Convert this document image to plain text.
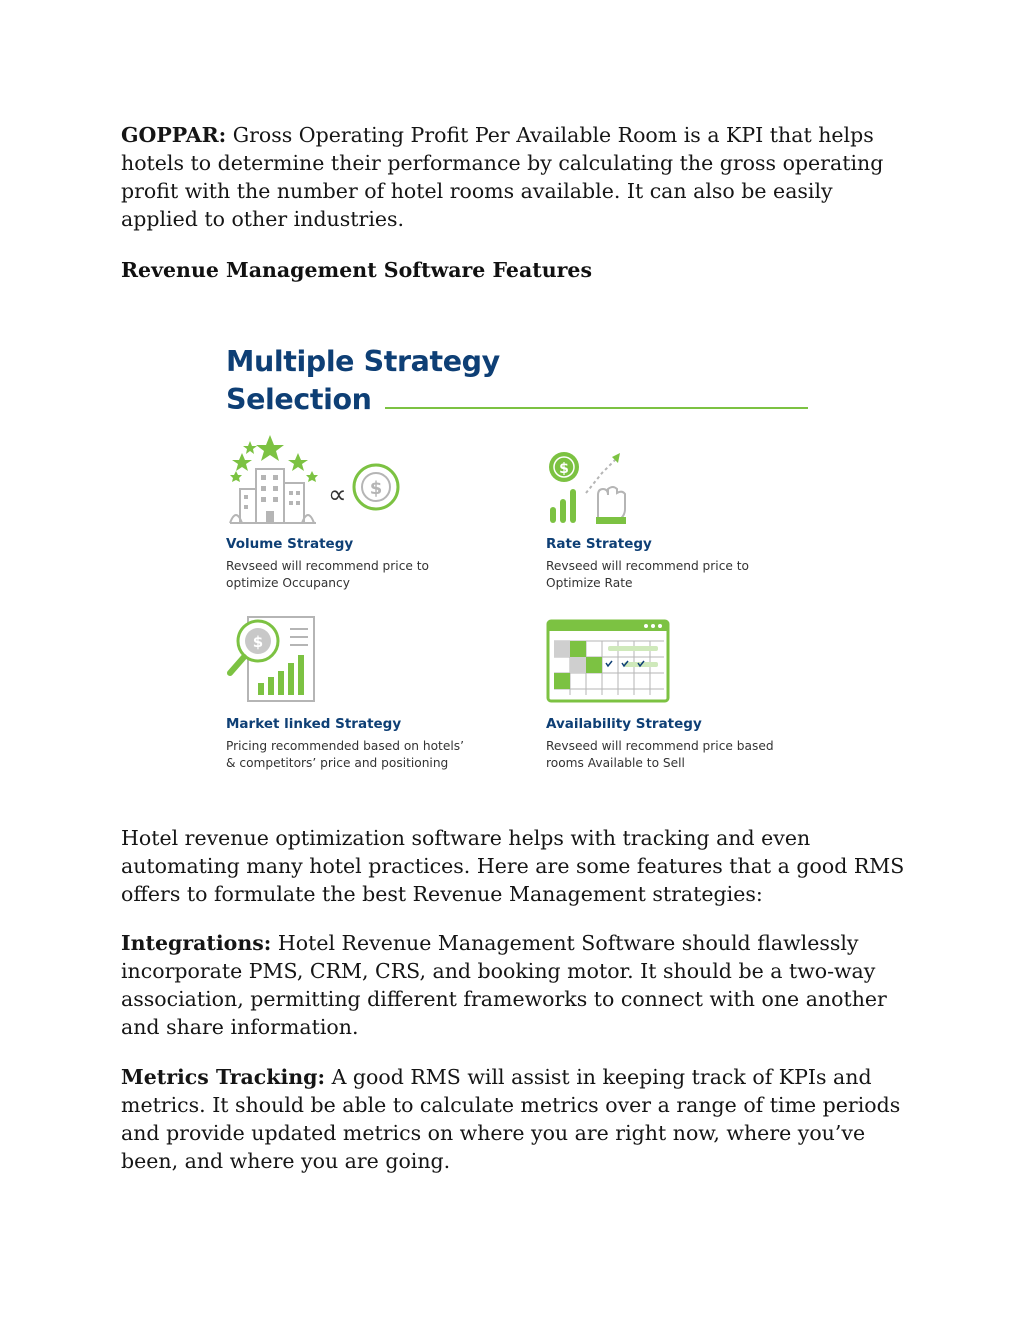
GOPPAR: Gross Operating Profit Per Available Room is a KPI that helps hotels to determine their performance by calculating the gross operating profit with the number of hotel rooms available. It can also be easily applied to other industries.

Revenue Management Software Features
Multiple Strategy
Selection
∝ $

Volume Strategy

Revseed will recommend price to
optimize Occupancy

$

Rate Strategy

Revseed will recommend price to
Optimize Rate

$

Market linked Strategy

Pricing recommended based on hotels’
& competitors’ price and positioning

Availability Strategy

Revseed will recommend price based
rooms Available to Sell

Hotel revenue optimization software helps with tracking and even automating many hotel practices. Here are some features that a good RMS offers to formulate the best Revenue Management strategies:

Integrations: Hotel Revenue Management Software should flawlessly incorporate PMS, CRM, CRS, and booking motor. It should be a two-way association, permitting different frameworks to connect with one another and share information.

Metrics Tracking: A good RMS will assist in keeping track of KPIs and metrics. It should be able to calculate metrics over a range of time periods and provide updated metrics on where you are right now, where you’ve been, and where you are going.
